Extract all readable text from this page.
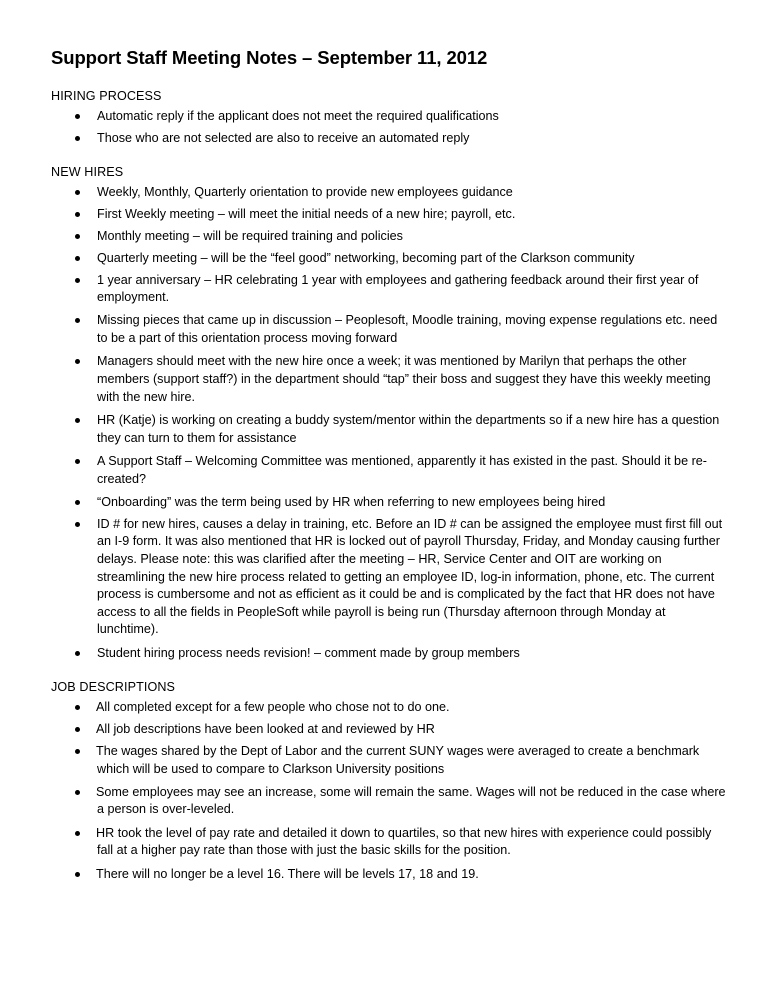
Support Staff Meeting Notes – September 11, 2012
HIRING PROCESS
Automatic reply if the applicant does not meet the required qualifications
Those who are not selected are also to receive an automated reply
NEW HIRES
Weekly, Monthly, Quarterly orientation to provide new employees guidance
First Weekly meeting – will meet the initial needs of a new hire; payroll, etc.
Monthly meeting – will be required training and policies
Quarterly meeting – will be the “feel good” networking, becoming part of the Clarkson community
1 year anniversary – HR celebrating 1 year with employees and gathering feedback around their first year of employment.
Missing pieces that came up in discussion – Peoplesoft, Moodle training, moving expense regulations etc. need to be a part of this orientation process moving forward
Managers should meet with the new hire once a week; it was mentioned by Marilyn that perhaps the other members (support staff?) in the department should “tap” their boss and suggest they have this weekly meeting with the new hire.
HR (Katje) is working on creating a buddy system/mentor within the departments so if a new hire has a question they can turn to them for assistance
A Support Staff – Welcoming Committee was mentioned, apparently it has existed in the past. Should it be re-created?
“Onboarding” was the term being used by HR when referring to new employees being hired
ID # for new hires, causes a delay in training, etc. Before an ID # can be assigned the employee must first fill out an I-9 form. It was also mentioned that HR is locked out of payroll Thursday, Friday, and Monday causing further delays. Please note: this was clarified after the meeting – HR, Service Center and OIT are working on streamlining the new hire process related to getting an employee ID, log-in information, phone, etc. The current process is cumbersome and not as efficient as it could be and is complicated by the fact that HR does not have access to all the fields in PeopleSoft while payroll is being run (Thursday afternoon through Monday at lunchtime).
Student hiring process needs revision! – comment made by group members
JOB DESCRIPTIONS
All completed except for a few people who chose not to do one.
All job descriptions have been looked at and reviewed by HR
The wages shared by the Dept of Labor and the current SUNY wages were averaged to create a benchmark which will be used to compare to Clarkson University positions
Some employees may see an increase, some will remain the same. Wages will not be reduced in the case where a person is over-leveled.
HR took the level of pay rate and detailed it down to quartiles, so that new hires with experience could possibly fall at a higher pay rate than those with just the basic skills for the position.
There will no longer be a level 16. There will be levels 17, 18 and 19.
